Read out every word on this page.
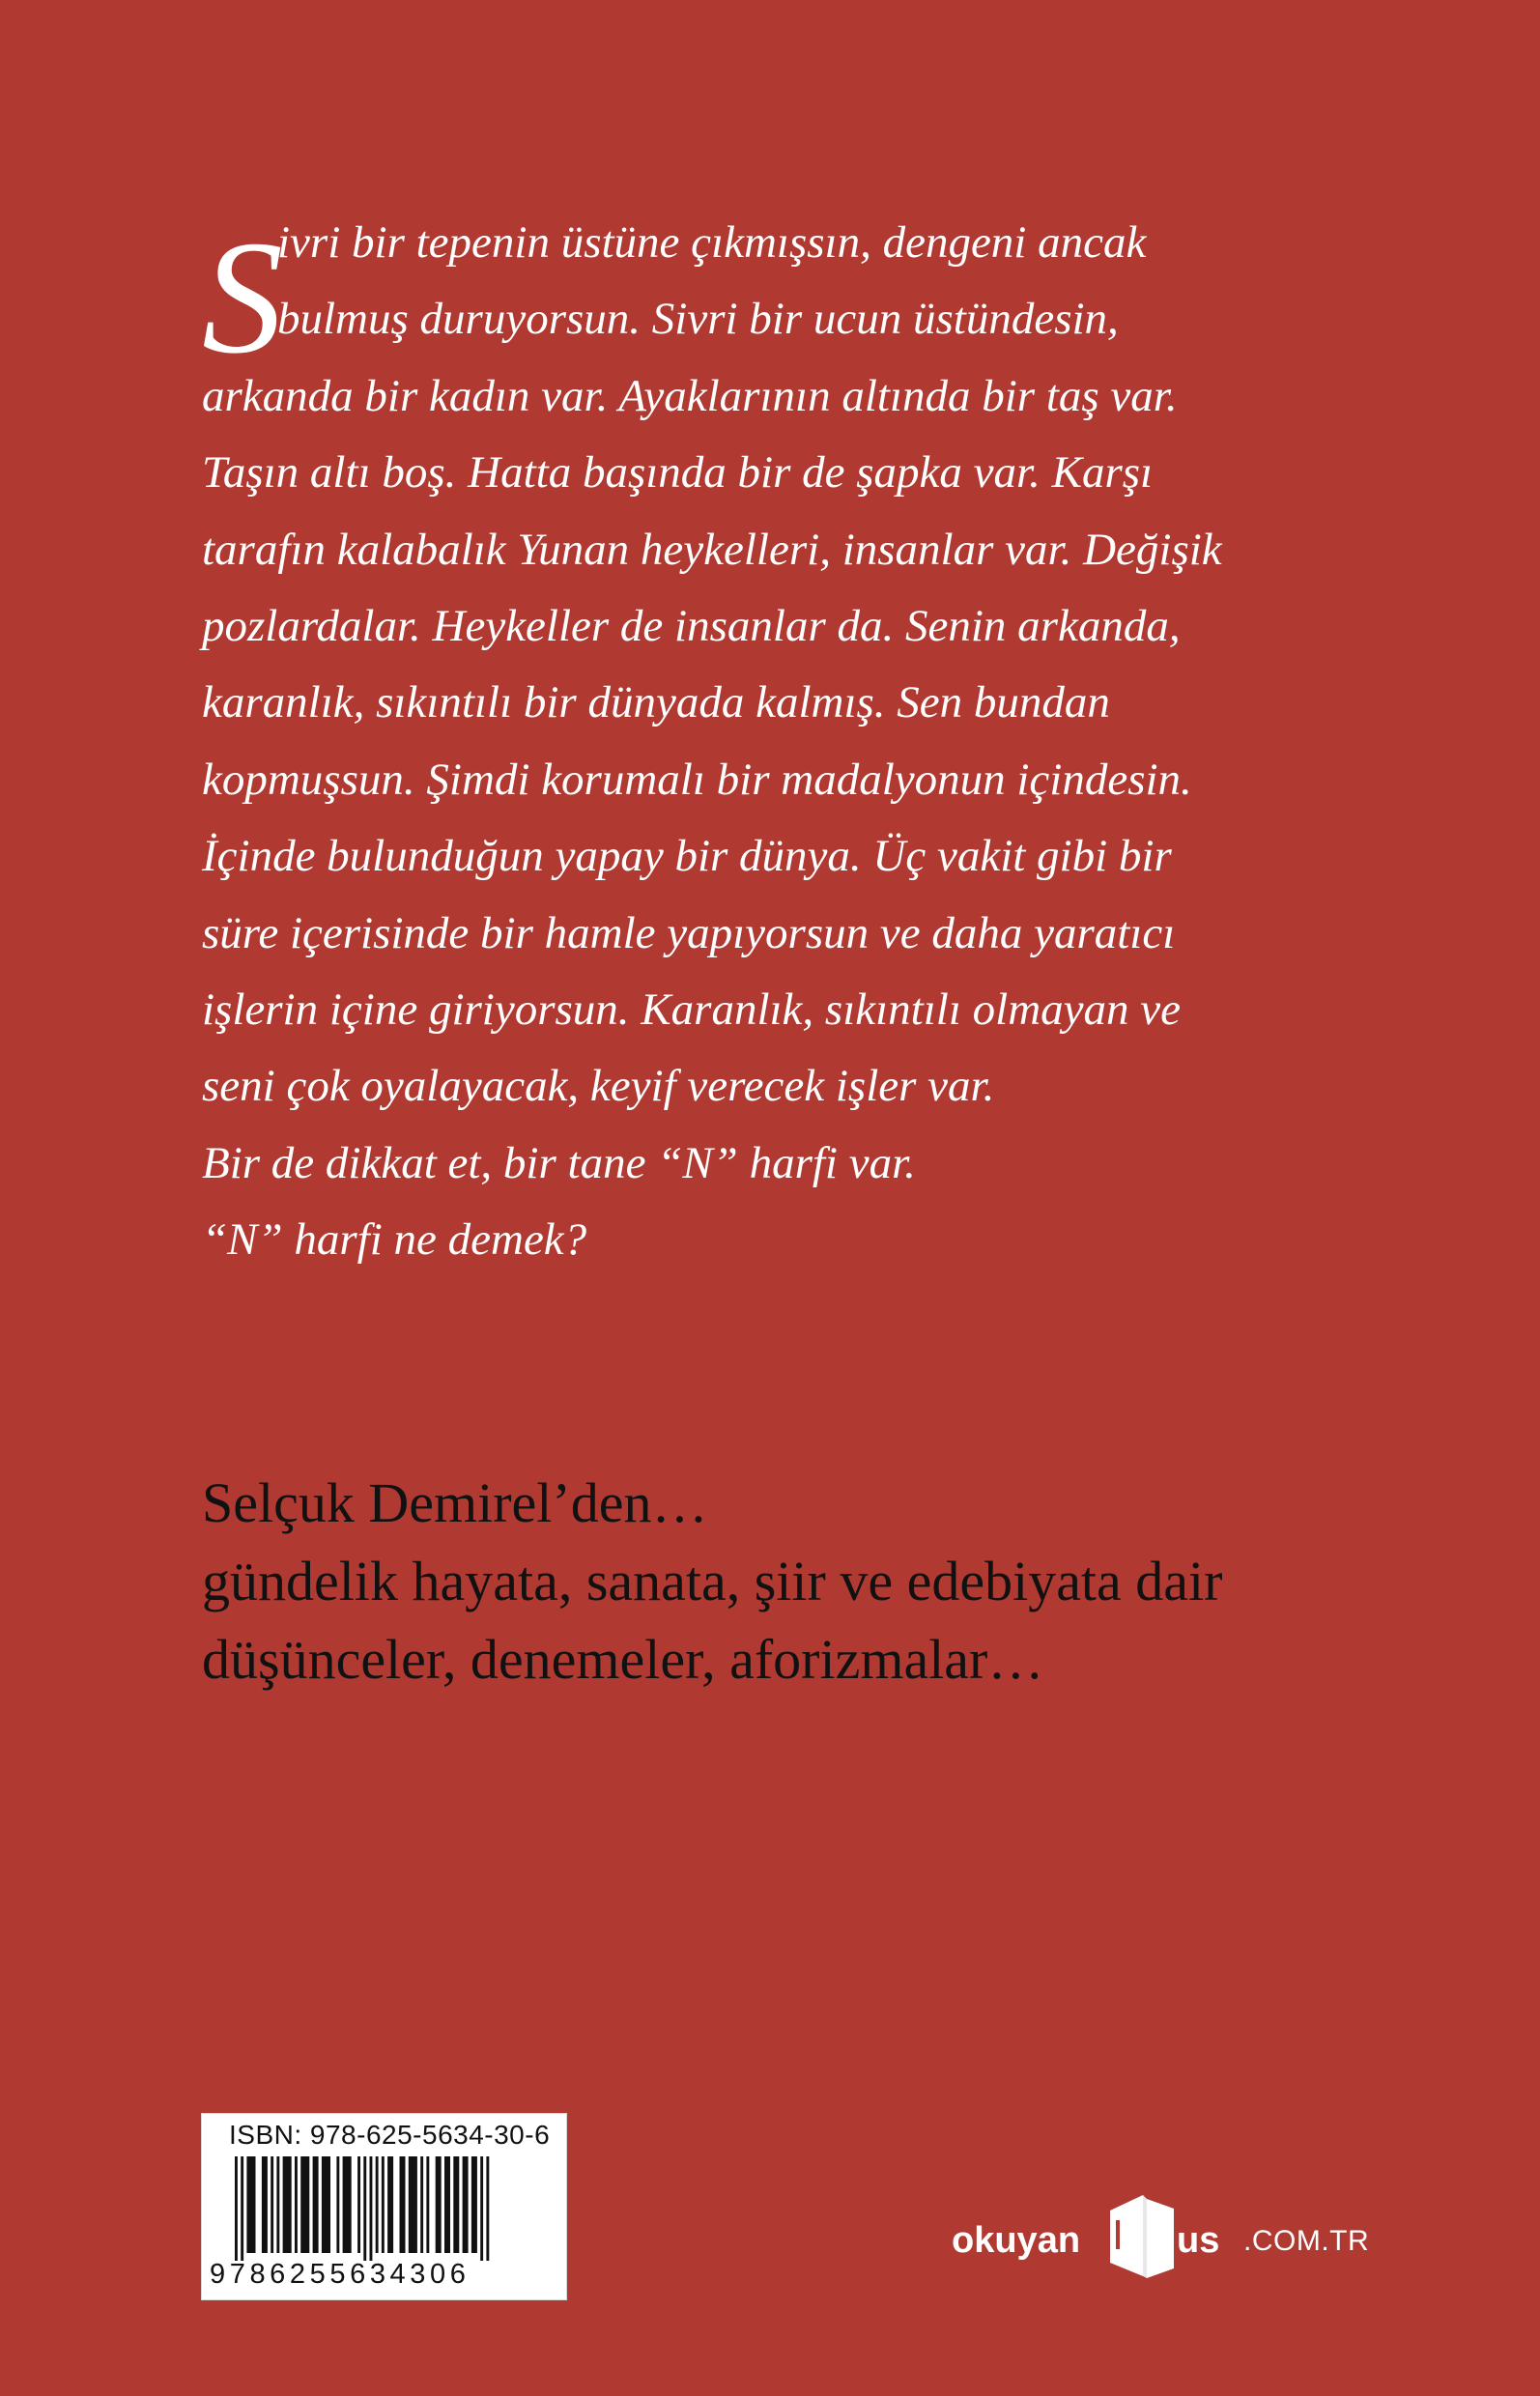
S
ivri bir tepenin üstüne çıkmışsın, dengeni ancak
bulmuş duruyorsun. Sivri bir ucun üstündesin,
arkanda bir kadın var. Ayaklarının altında bir taş var.
Taşın altı boş. Hatta başında bir de şapka var. Karşı
tarafın kalabalık Yunan heykelleri, insanlar var. Değişik
pozlardalar. Heykeller de insanlar da. Senin arkanda,
karanlık, sıkıntılı bir dünyada kalmış. Sen bundan
kopmuşsun. Şimdi korumalı bir madalyonun içindesin.
İçinde bulunduğun yapay bir dünya. Üç vakit gibi bir
süre içerisinde bir hamle yapıyorsun ve daha yaratıcı
işlerin içine giriyorsun. Karanlık, sıkıntılı olmayan ve
seni çok oyalayacak, keyif verecek işler var.
Bir de dikkat et, bir tane “N” harfi var.
“N” harfi ne demek?
Selçuk Demirel’den…
gündelik hayata, sanata, şiir ve edebiyata dair
düşünceler, denemeler, aforizmalar…
ISBN: 978-625-5634-30-6
9786255634306
okuyan	us .COM.TR
